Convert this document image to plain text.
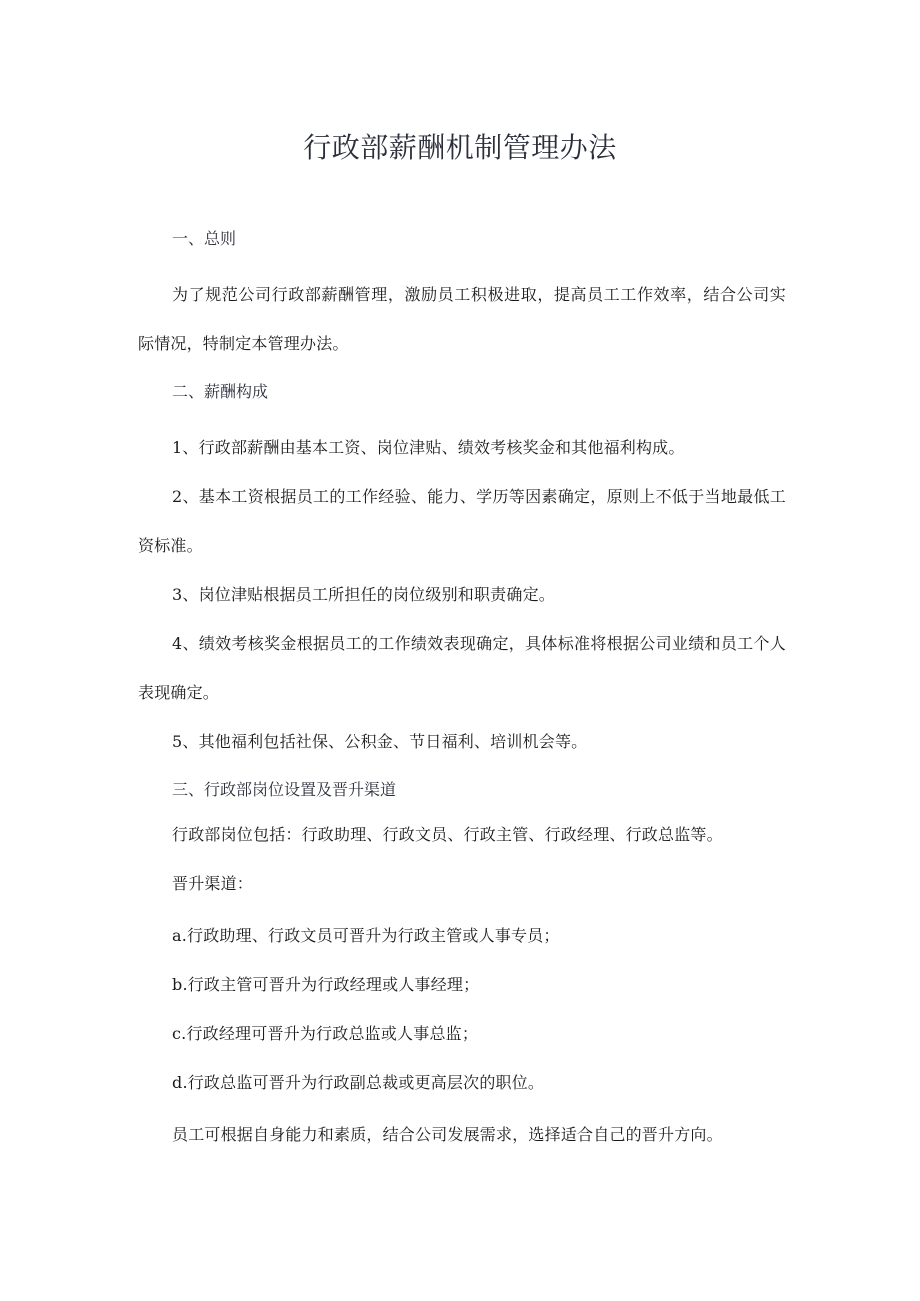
行政部薪酬机制管理办法

一、总则

为了规范公司行政部薪酬管理，激励员工积极进取，提高员工工作效率，结合公司实际情况，特制定本管理办法。

二、薪酬构成

1、行政部薪酬由基本工资、岗位津贴、绩效考核奖金和其他福利构成。

2、基本工资根据员工的工作经验、能力、学历等因素确定，原则上不低于当地最低工资标准。

3、岗位津贴根据员工所担任的岗位级别和职责确定。

4、绩效考核奖金根据员工的工作绩效表现确定，具体标准将根据公司业绩和员工个人表现确定。

5、其他福利包括社保、公积金、节日福利、培训机会等。

三、行政部岗位设置及晋升渠道

行政部岗位包括：行政助理、行政文员、行政主管、行政经理、行政总监等。

晋升渠道：

a.行政助理、行政文员可晋升为行政主管或人事专员；

b.行政主管可晋升为行政经理或人事经理；

c.行政经理可晋升为行政总监或人事总监；

d.行政总监可晋升为行政副总裁或更高层次的职位。

员工可根据自身能力和素质，结合公司发展需求，选择适合自己的晋升方向。
